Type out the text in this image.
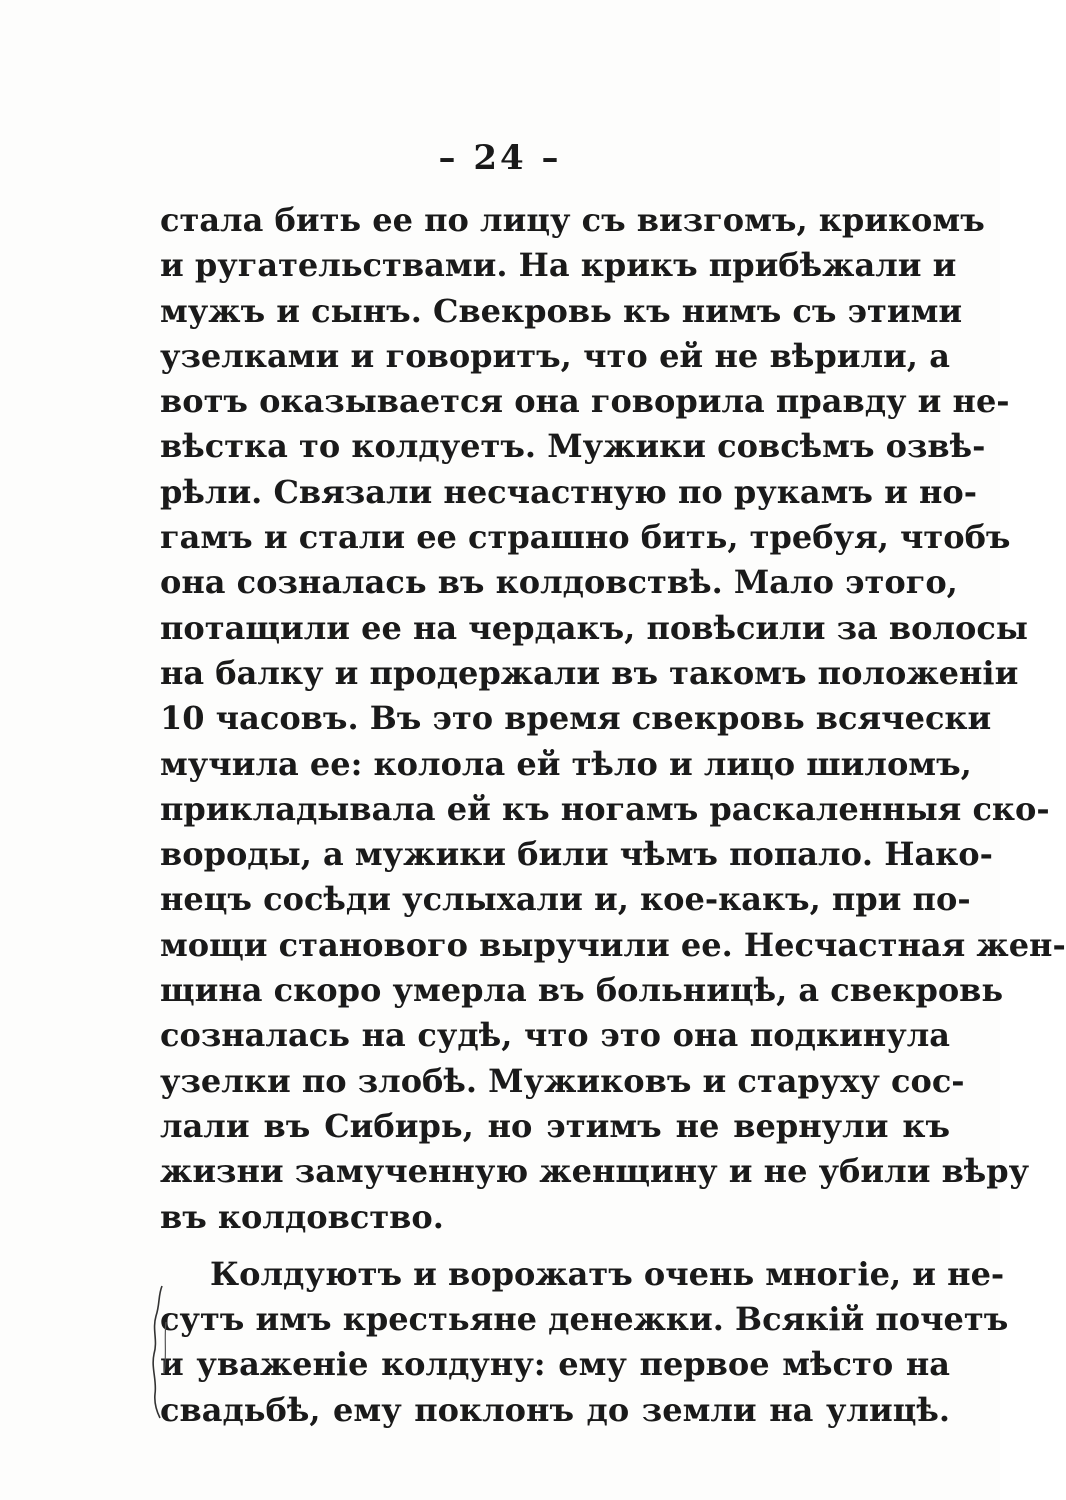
– 24 –
стала бить ее по лицу съ визгомъ, крикомъ
и ругательствами. На крикъ прибѣжали и
мужъ и сынъ. Свекровь къ нимъ съ этими
узелками и говоритъ, что ей не вѣрили, а
вотъ оказывается она говорила правду и не-
вѣстка то колдуетъ. Мужики совсѣмъ озвѣ-
рѣли. Связали несчастную по рукамъ и но-
гамъ и стали ее страшно бить, требуя, чтобъ
она созналась въ колдовствѣ. Мало этого,
потащили ее на чердакъ, повѣсили за волосы
на балку и продержали въ такомъ положенiи
10 часовъ. Въ это время свекровь всячески
мучила ее: колола ей тѣло и лицо шиломъ,
прикладывала ей къ ногамъ раскаленныя ско-
вороды, а мужики били чѣмъ попало. Нако-
нецъ сосѣди услыхали и, кое-какъ, при по-
мощи станового выручили ее. Несчастная жен-
щина скоро умерла въ больницѣ, а свекровь
созналась на судѣ, что это она подкинула
узелки по злобѣ. Мужиковъ и старуху сос-
лали въ Сибирь, но этимъ не вернули къ
жизни замученную женщину и не убили вѣру
въ колдовство.
Колдуютъ и ворожатъ очень многiе, и не-
сутъ имъ крестьяне денежки. Всякiй почетъ
и уваженiе колдуну: ему первое мѣсто на
свадьбѣ, ему поклонъ до земли на улицѣ.
